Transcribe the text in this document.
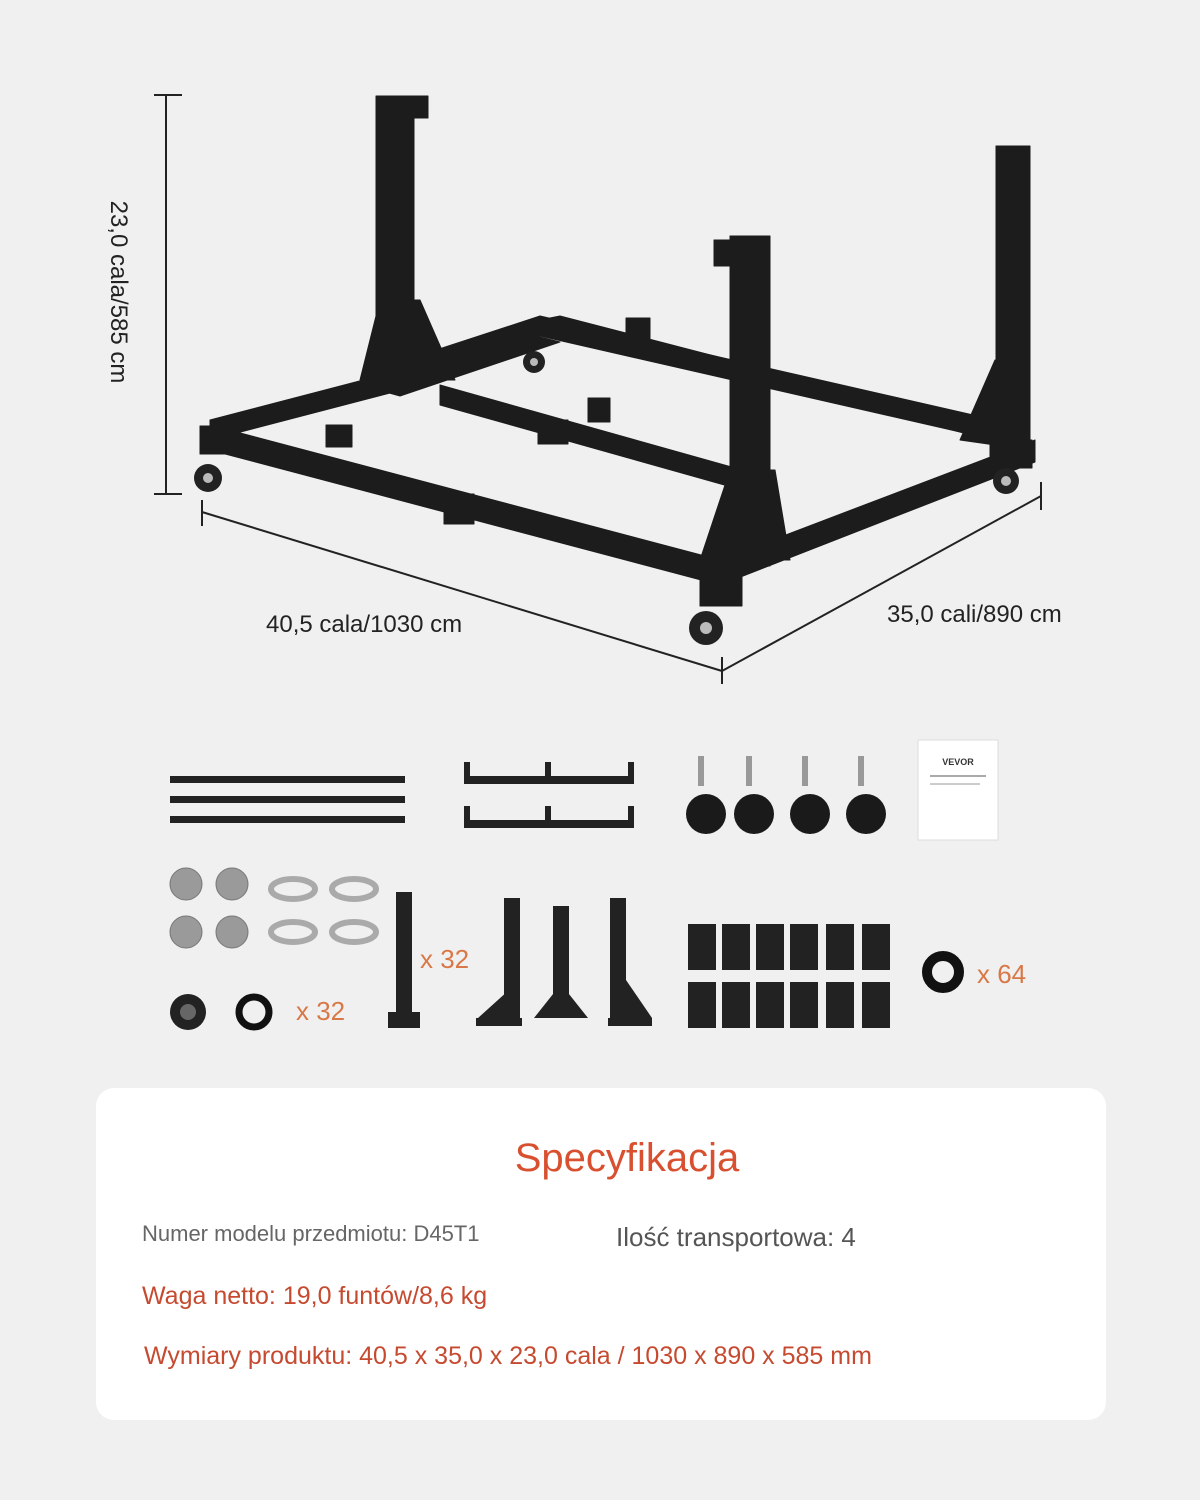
VEVOR
23,0 cala/585 cm
40,5 cala/1030 cm	35,0 cali/890 cm
x 32
x 32
x 64
Specyfikacja
Numer modelu przedmiotu: D45T1	Ilość transportowa: 4
Waga netto: 19,0 funtów/8,6 kg
Wymiary produktu: 40,5 x 35,0 x 23,0 cala / 1030 x 890 x 585 mm
